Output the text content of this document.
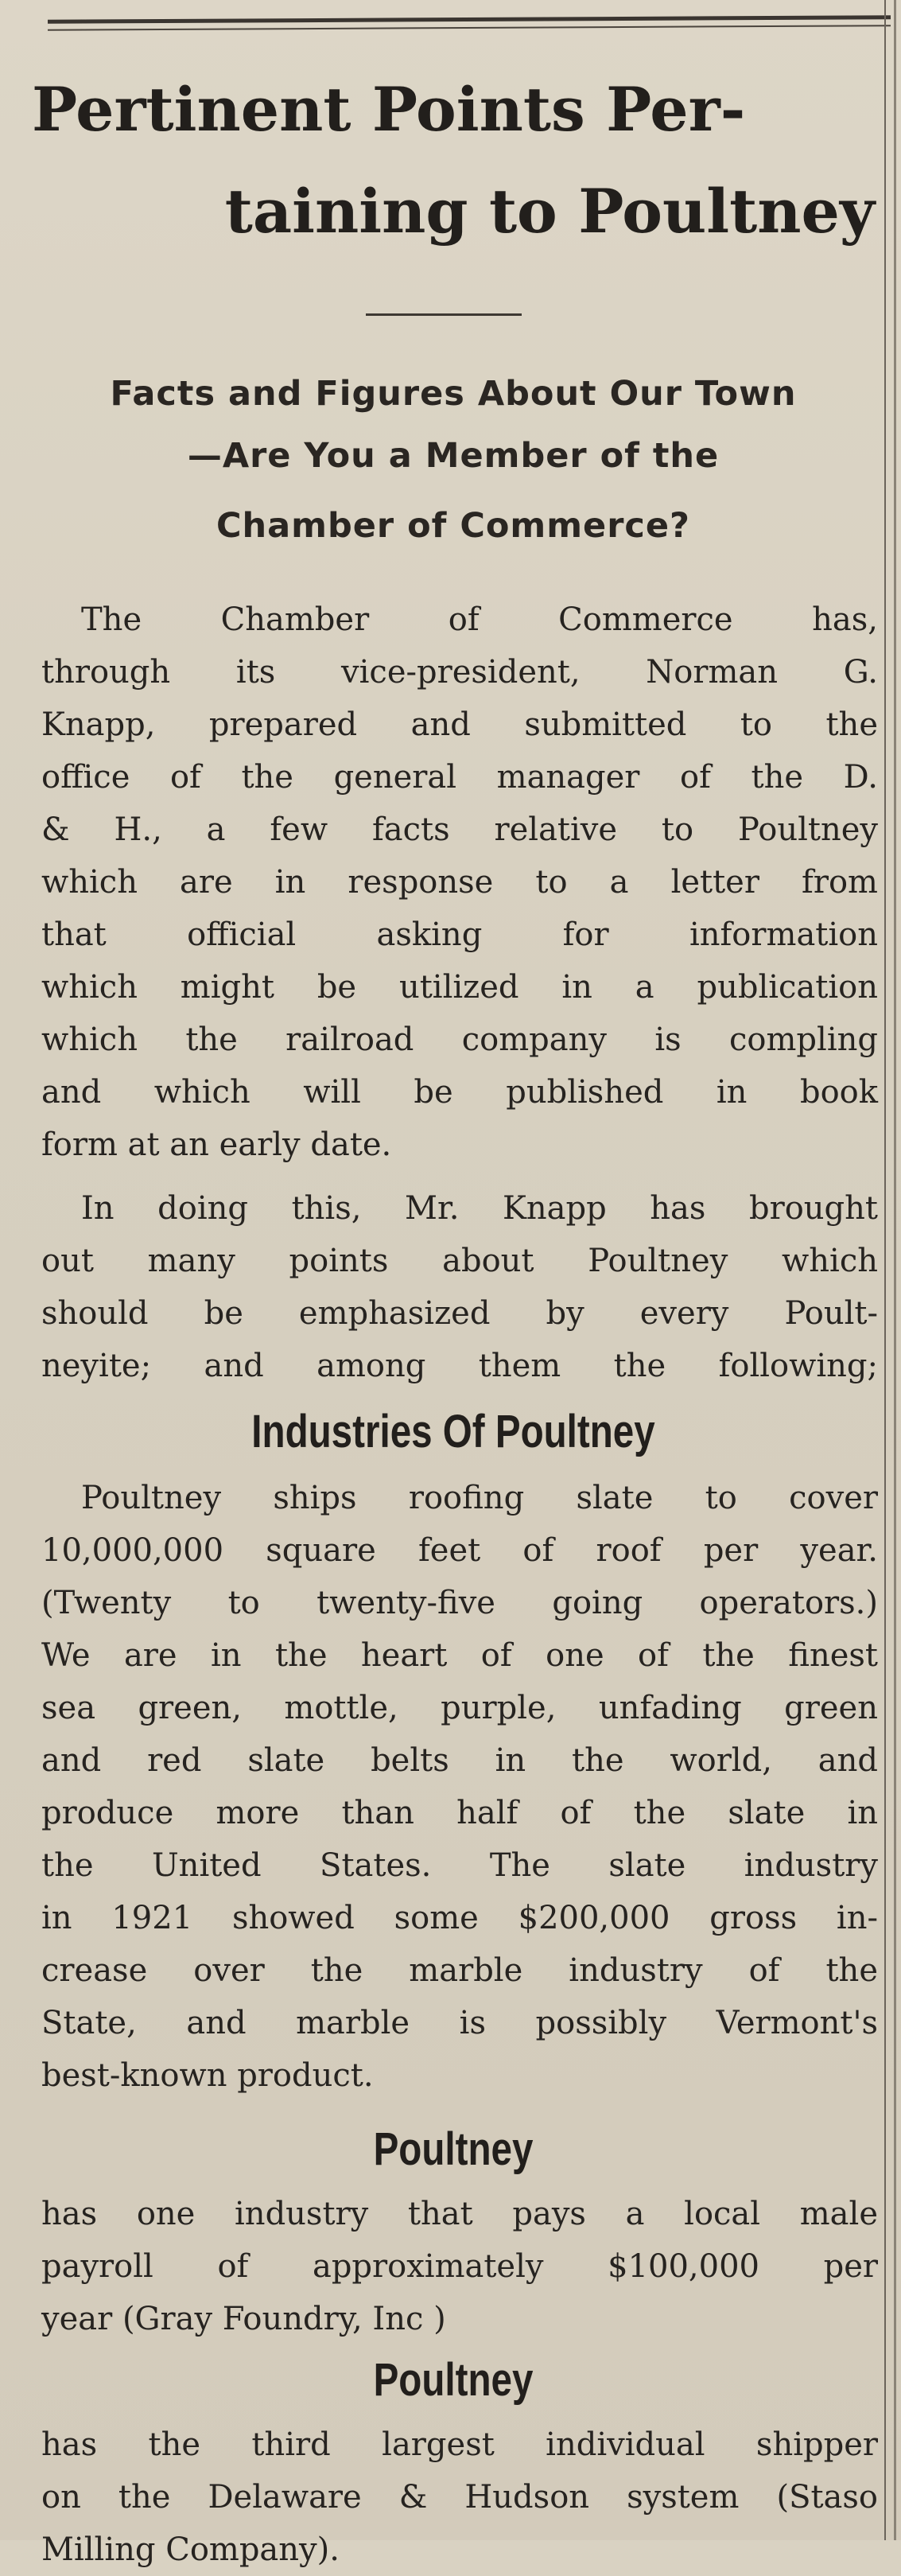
Pertinent Points Per-
taining to Poultney
Facts and Figures About Our Town
—Are You a Member of the
Chamber of Commerce?
The Chamber of Commerce has,
through its vice-president, Norman G.
Knapp, prepared and submitted to the
office of the general manager of the D.
& H., a few facts relative to Poultney
which are in response to a letter from
that official asking for information
which might be utilized in a publication
which the railroad company is compling
and which will be published in book
form at an early date.
In doing this, Mr. Knapp has brought
out many points about Poultney which
should be emphasized by every Poult-
neyite; and among them the following;
Industries Of Poultney
Poultney ships roofing slate to cover
10,000,000 square feet of roof per year.
(Twenty to twenty-five going operators.)
We are in the heart of one of the finest
sea green, mottle, purple, unfading green
and red slate belts in the world, and
produce more than half of the slate in
the United States. The slate industry
in 1921 showed some $200,000 gross in-
crease over the marble industry of the
State, and marble is possibly Vermont's
best-known product.
Poultney
has one industry that pays a local male
payroll of approximately $100,000 per
year (Gray Foundry, Inc )
Poultney
has the third largest individual shipper
on the Delaware & Hudson system (Staso
Milling Company).
